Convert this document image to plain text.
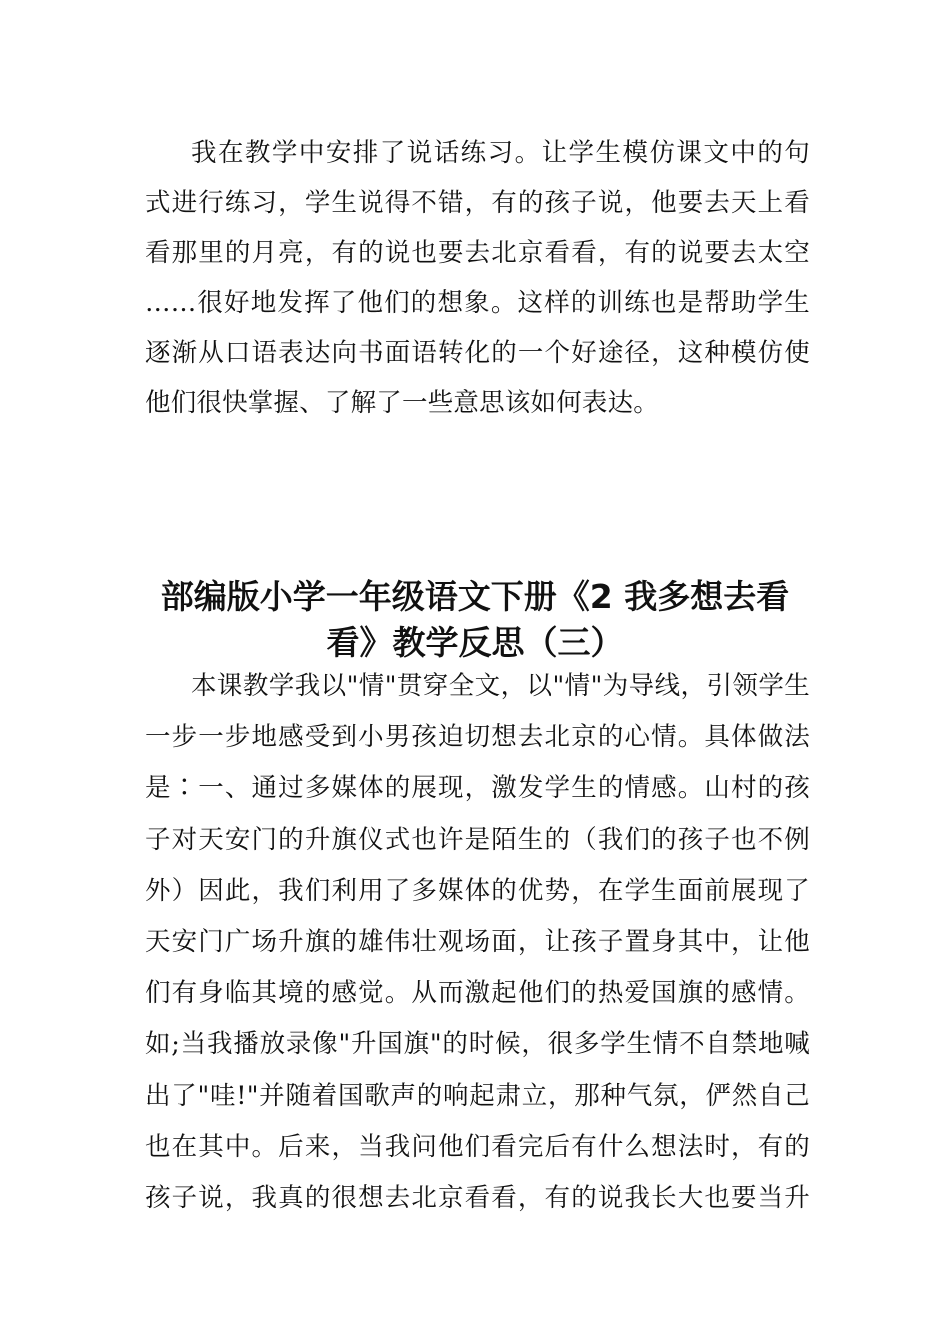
我在教学中安排了说话练习。让学生模仿课文中的句
式进行练习，学生说得不错，有的孩子说，他要去天上看
看那里的月亮，有的说也要去北京看看，有的说要去太空
……很好地发挥了他们的想象。这样的训练也是帮助学生
逐渐从口语表达向书面语转化的一个好途径，这种模仿使
他们很快掌握、了解了一些意思该如何表达。
部编版小学一年级语文下册《2 我多想去看
看》教学反思（三）
本课教学我以"情"贯穿全文，以"情"为导线，引领学生
一步一步地感受到小男孩迫切想去北京的心情。具体做法
是∶一、通过多媒体的展现，激发学生的情感。山村的孩
子对天安门的升旗仪式也许是陌生的（我们的孩子也不例
外）因此，我们利用了多媒体的优势，在学生面前展现了
天安门广场升旗的雄伟壮观场面，让孩子置身其中，让他
们有身临其境的感觉。从而激起他们的热爱国旗的感情。
如;当我播放录像"升国旗"的时候，很多学生情不自禁地喊
出了"哇!"并随着国歌声的响起肃立，那种气氛，俨然自己
也在其中。后来，当我问他们看完后有什么想法时，有的
孩子说，我真的很想去北京看看，有的说我长大也要当升
